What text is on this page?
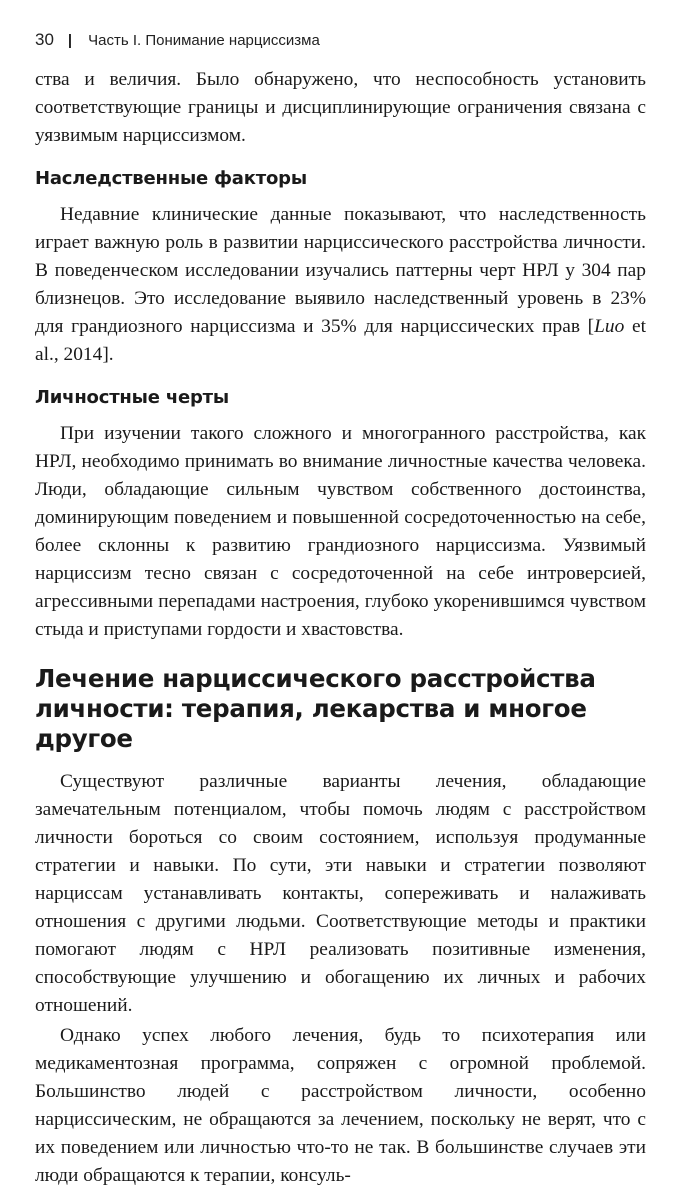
30 | Часть I. Понимание нарциссизма

ства и величия. Было обнаружено, что неспособность установить соответствующие границы и дисциплинирующие ограничения связана с уязвимым нарциссизмом.

Наследственные факторы

Недавние клинические данные показывают, что наследственность играет важную роль в развитии нарциссического расстройства личности. В поведенческом исследовании изучались паттерны черт НРЛ у 304 пар близнецов. Это исследование выявило наследственный уровень в 23% для грандиозного нарциссизма и 35% для нарциссических прав [Luo et al., 2014].

Личностные черты

При изучении такого сложного и многогранного расстройства, как НРЛ, необходимо принимать во внимание личностные качества человека. Люди, обладающие сильным чувством собственного достоинства, доминирующим поведением и повышенной сосредоточенностью на себе, более склонны к развитию грандиозного нарциссизма. Уязвимый нарциссизм тесно связан с сосредоточенной на себе интроверсией, агрессивными перепадами настроения, глубоко укоренившимся чувством стыда и приступами гордости и хвастовства.

Лечение нарциссического расстройства личности: терапия, лекарства и многое другое

Существуют различные варианты лечения, обладающие замечательным потенциалом, чтобы помочь людям с расстройством личности бороться со своим состоянием, используя продуманные стратегии и навыки. По сути, эти навыки и стратегии позволяют нарциссам устанавливать контакты, сопереживать и налаживать отношения с другими людьми. Соответствующие методы и практики помогают людям с НРЛ реализовать позитивные изменения, способствующие улучшению и обогащению их личных и рабочих отношений.

Однако успех любого лечения, будь то психотерапия или медикаментозная программа, сопряжен с огромной проблемой. Большинство людей с расстройством личности, особенно нарциссическим, не обращаются за лечением, поскольку не верят, что с их поведением или личностью что-то не так. В большинстве случаев эти люди обращаются к терапии, консуль-
